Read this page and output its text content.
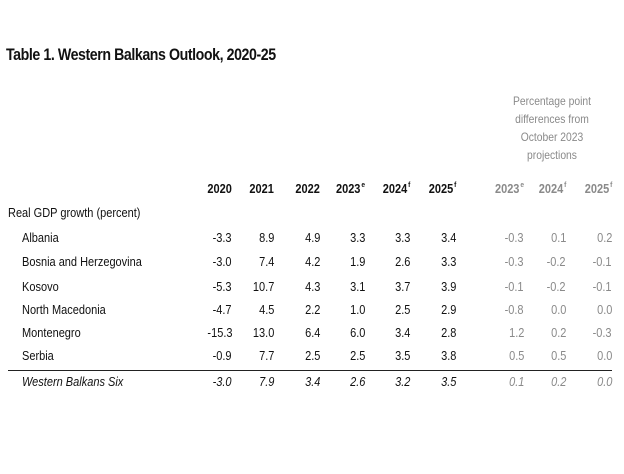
Table 1. Western Balkans Outlook, 2020-25
Percentage point differences from October 2023 projections
2020 2021 2022 2023e 2024$^f$ 2025$^f$	2023e 2024$^f$ 2025$^f$
Real GDP growth (percent)
Albania	-3.3 8.9 4.9 3.3 3.3 3.4	-0.3 0.1 0.2
Bosnia and Herzegovina	-3.0 7.4 4.2 1.9 2.6 3.3	-0.3 -0.2 -0.1
Kosovo	-5.3 10.7 4.3 3.1 3.7 3.9	-0.1 -0.2 -0.1
North Macedonia	-4.7 4.5 2.2 1.0 2.5 2.9	-0.8 0.0 0.0
Montenegro	-15.3 13.0 6.4 6.0 3.4 2.8	1.2 0.2 -0.3
Serbia	-0.9 7.7 2.5 2.5 3.5 3.8	0.5 0.5 0.0
Western Balkans Six	-3.0 7.9 3.4 2.6 3.2 3.5	0.1 0.2 0.0
